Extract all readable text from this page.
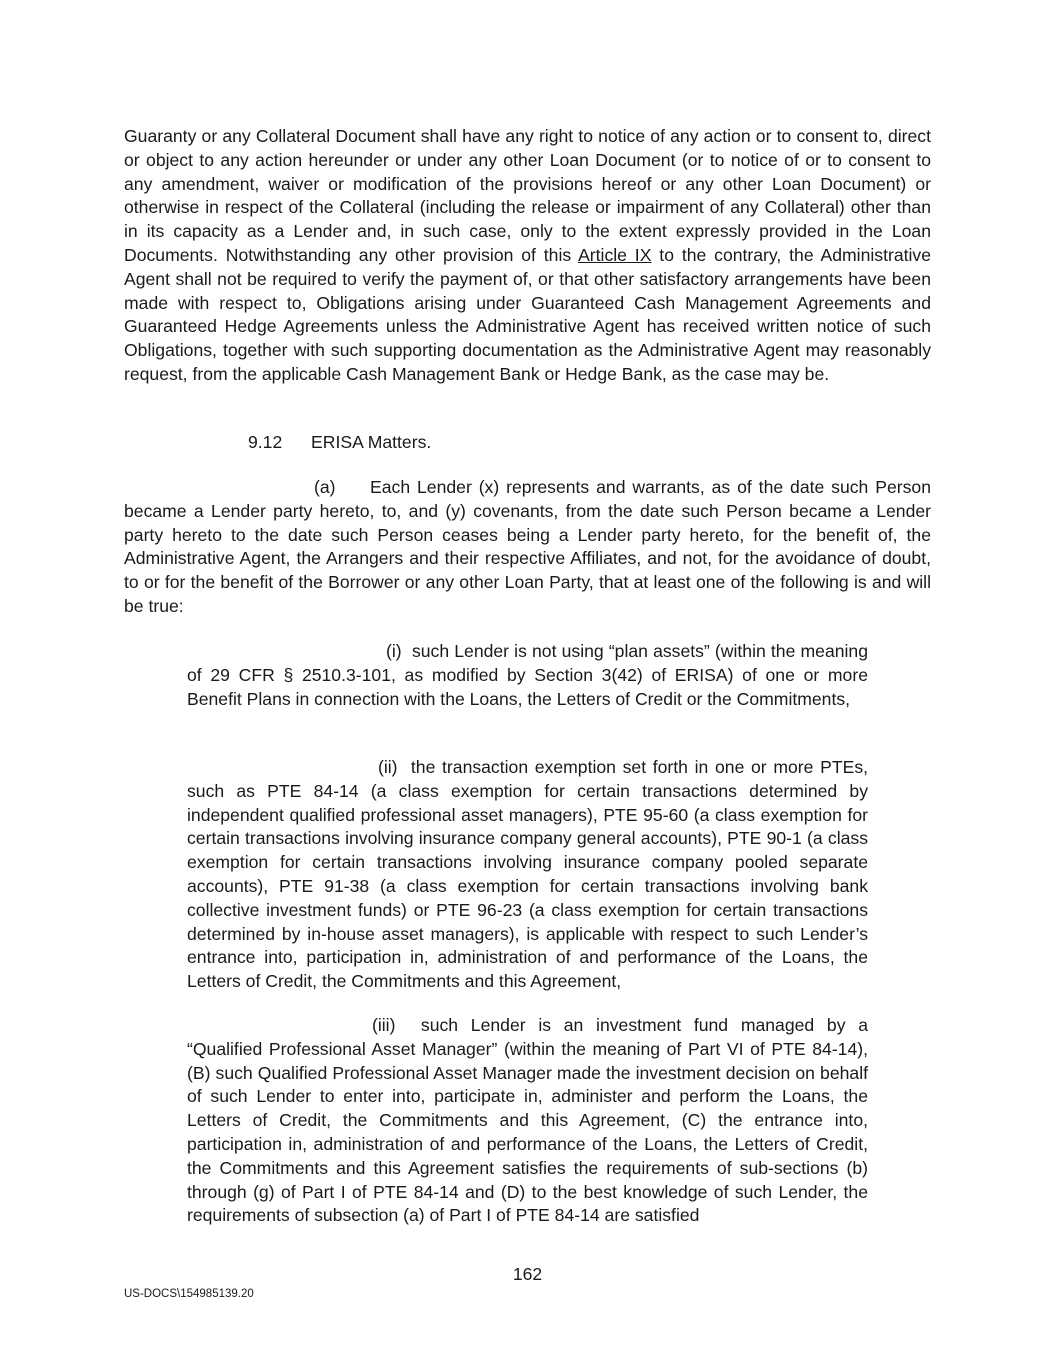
Guaranty or any Collateral Document shall have any right to notice of any action or to consent to, direct or object to any action hereunder or under any other Loan Document (or to notice of or to consent to any amendment, waiver or modification of the provisions hereof or any other Loan Document) or otherwise in respect of the Collateral (including the release or impairment of any Collateral) other than in its capacity as a Lender and, in such case, only to the extent expressly provided in the Loan Documents. Notwithstanding any other provision of this Article IX to the contrary, the Administrative Agent shall not be required to verify the payment of, or that other satisfactory arrangements have been made with respect to, Obligations arising under Guaranteed Cash Management Agreements and Guaranteed Hedge Agreements unless the Administrative Agent has received written notice of such Obligations, together with such supporting documentation as the Administrative Agent may reasonably request, from the applicable Cash Management Bank or Hedge Bank, as the case may be.

9.12 ERISA Matters.

(a) Each Lender (x) represents and warrants, as of the date such Person became a Lender party hereto, to, and (y) covenants, from the date such Person became a Lender party hereto to the date such Person ceases being a Lender party hereto, for the benefit of, the Administrative Agent, the Arrangers and their respective Affiliates, and not, for the avoidance of doubt, to or for the benefit of the Borrower or any other Loan Party, that at least one of the following is and will be true:

(i) such Lender is not using “plan assets” (within the meaning of 29 CFR § 2510.3-101, as modified by Section 3(42) of ERISA) of one or more Benefit Plans in connection with the Loans, the Letters of Credit or the Commitments,

(ii) the transaction exemption set forth in one or more PTEs, such as PTE 84-14 (a class exemption for certain transactions determined by independent qualified professional asset managers), PTE 95-60 (a class exemption for certain transactions involving insurance company general accounts), PTE 90-1 (a class exemption for certain transactions involving insurance company pooled separate accounts), PTE 91-38 (a class exemption for certain transactions involving bank collective investment funds) or PTE 96-23 (a class exemption for certain transactions determined by in-house asset managers), is applicable with respect to such Lender’s entrance into, participation in, administration of and performance of the Loans, the Letters of Credit, the Commitments and this Agreement,

(iii) such Lender is an investment fund managed by a “Qualified Professional Asset Manager” (within the meaning of Part VI of PTE 84-14), (B) such Qualified Professional Asset Manager made the investment decision on behalf of such Lender to enter into, participate in, administer and perform the Loans, the Letters of Credit, the Commitments and this Agreement, (C) the entrance into, participation in, administration of and performance of the Loans, the Letters of Credit, the Commitments and this Agreement satisfies the requirements of sub-sections (b) through (g) of Part I of PTE 84-14 and (D) to the best knowledge of such Lender, the requirements of subsection (a) of Part I of PTE 84-14 are satisfied

162

US-DOCS\154985139.20
